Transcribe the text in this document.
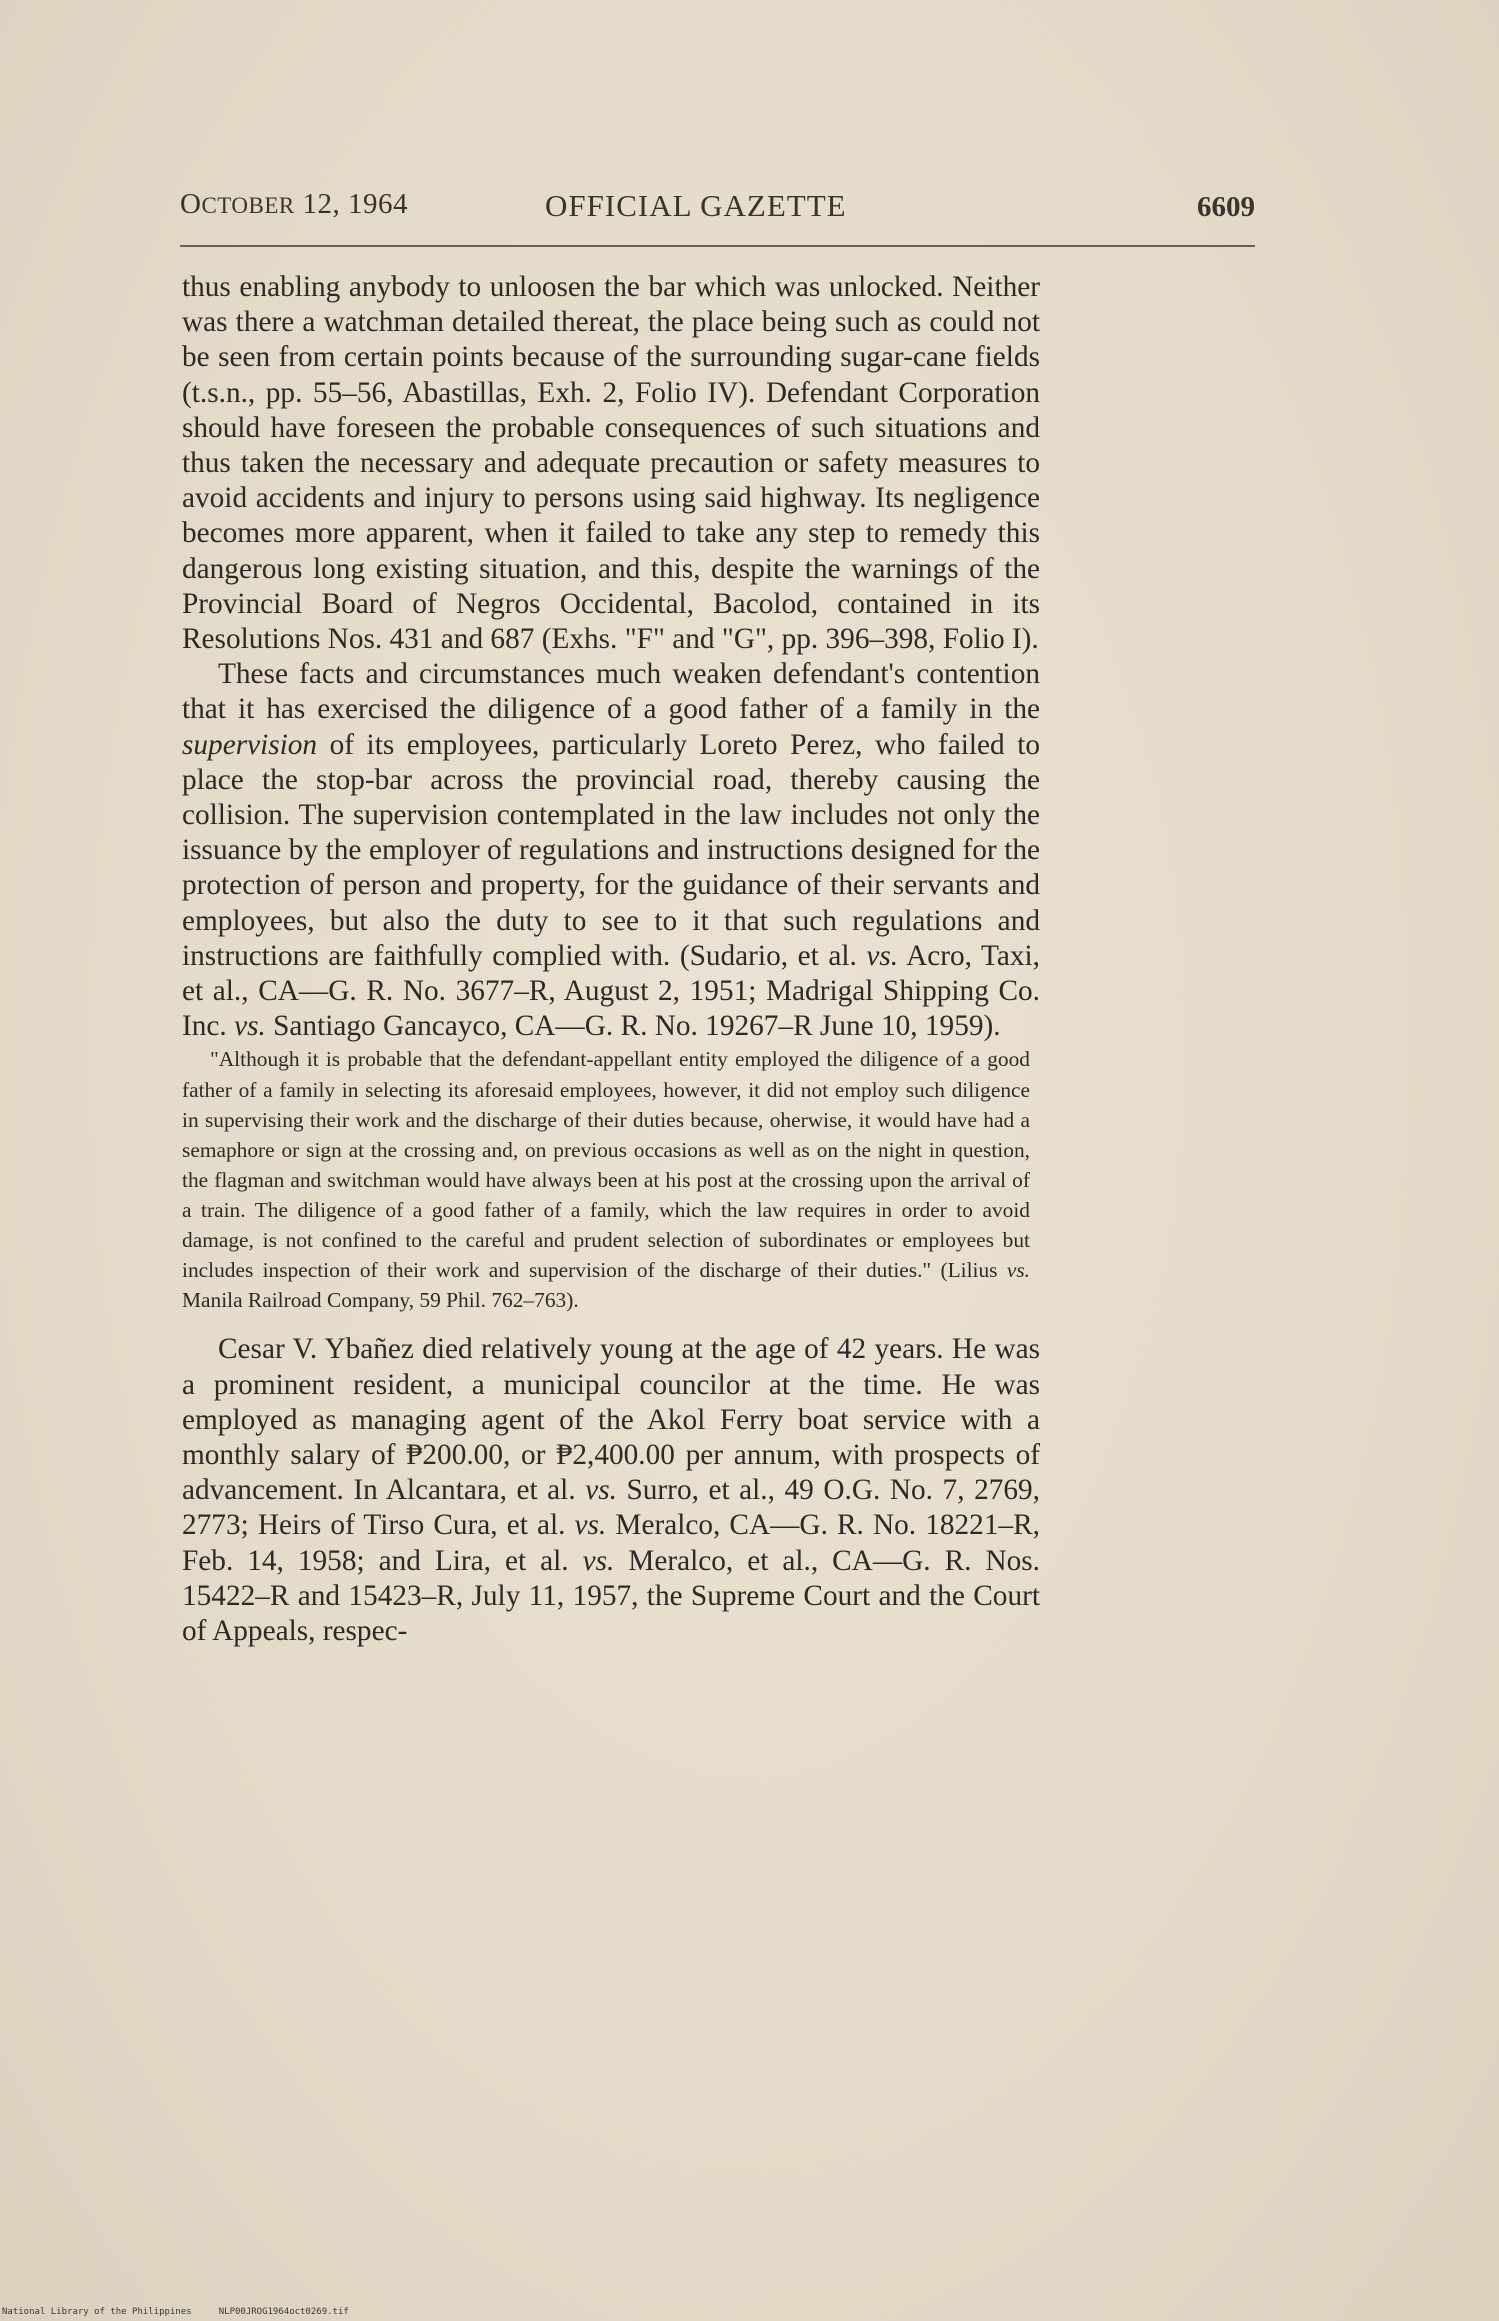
OCTOBER 12, 1964	OFFICIAL GAZETTE	6609

thus enabling anybody to unloosen the bar which was unlocked. Neither was there a watchman detailed thereat, the place being such as could not be seen from certain points because of the surrounding sugar-cane fields (t.s.n., pp. 55–56, Abastillas, Exh. 2, Folio IV). Defendant Corporation should have foreseen the probable consequences of such situations and thus taken the necessary and adequate precaution or safety measures to avoid accidents and injury to persons using said highway. Its negligence becomes more apparent, when it failed to take any step to remedy this dangerous long existing situation, and this, despite the warnings of the Provincial Board of Negros Occidental, Bacolod, contained in its Resolutions Nos. 431 and 687 (Exhs. "F" and "G", pp. 396–398, Folio I).

These facts and circumstances much weaken defendant's contention that it has exercised the diligence of a good father of a family in the supervision of its employees, particularly Loreto Perez, who failed to place the stop-bar across the provincial road, thereby causing the collision. The supervision contemplated in the law includes not only the issuance by the employer of regulations and instructions designed for the protection of person and property, for the guidance of their servants and employees, but also the duty to see to it that such regulations and instructions are faithfully complied with. (Sudario, et al. vs. Acro, Taxi, et al., CA—G. R. No. 3677–R, August 2, 1951; Madrigal Shipping Co. Inc. vs. Santiago Gancayco, CA—G. R. No. 19267–R June 10, 1959).

"Although it is probable that the defendant-appellant entity employed the diligence of a good father of a family in selecting its aforesaid employees, however, it did not employ such diligence in supervising their work and the discharge of their duties because, oherwise, it would have had a semaphore or sign at the crossing and, on previous occasions as well as on the night in question, the flagman and switchman would have always been at his post at the crossing upon the arrival of a train. The diligence of a good father of a family, which the law requires in order to avoid damage, is not confined to the careful and prudent selection of subordinates or employees but includes inspection of their work and supervision of the discharge of their duties." (Lilius vs. Manila Railroad Company, 59 Phil. 762–763).

Cesar V. Ybañez died relatively young at the age of 42 years. He was a prominent resident, a municipal councilor at the time. He was employed as managing agent of the Akol Ferry boat service with a monthly salary of ₱200.00, or ₱2,400.00 per annum, with prospects of advancement. In Alcantara, et al. vs. Surro, et al., 49 O.G. No. 7, 2769, 2773; Heirs of Tirso Cura, et al. vs. Meralco, CA—G. R. No. 18221–R, Feb. 14, 1958; and Lira, et al. vs. Meralco, et al., CA—G. R. Nos. 15422–R and 15423–R, July 11, 1957, the Supreme Court and the Court of Appeals, respec-

National Library of the Philippines	NLP00JROG1964oct0269.tif
